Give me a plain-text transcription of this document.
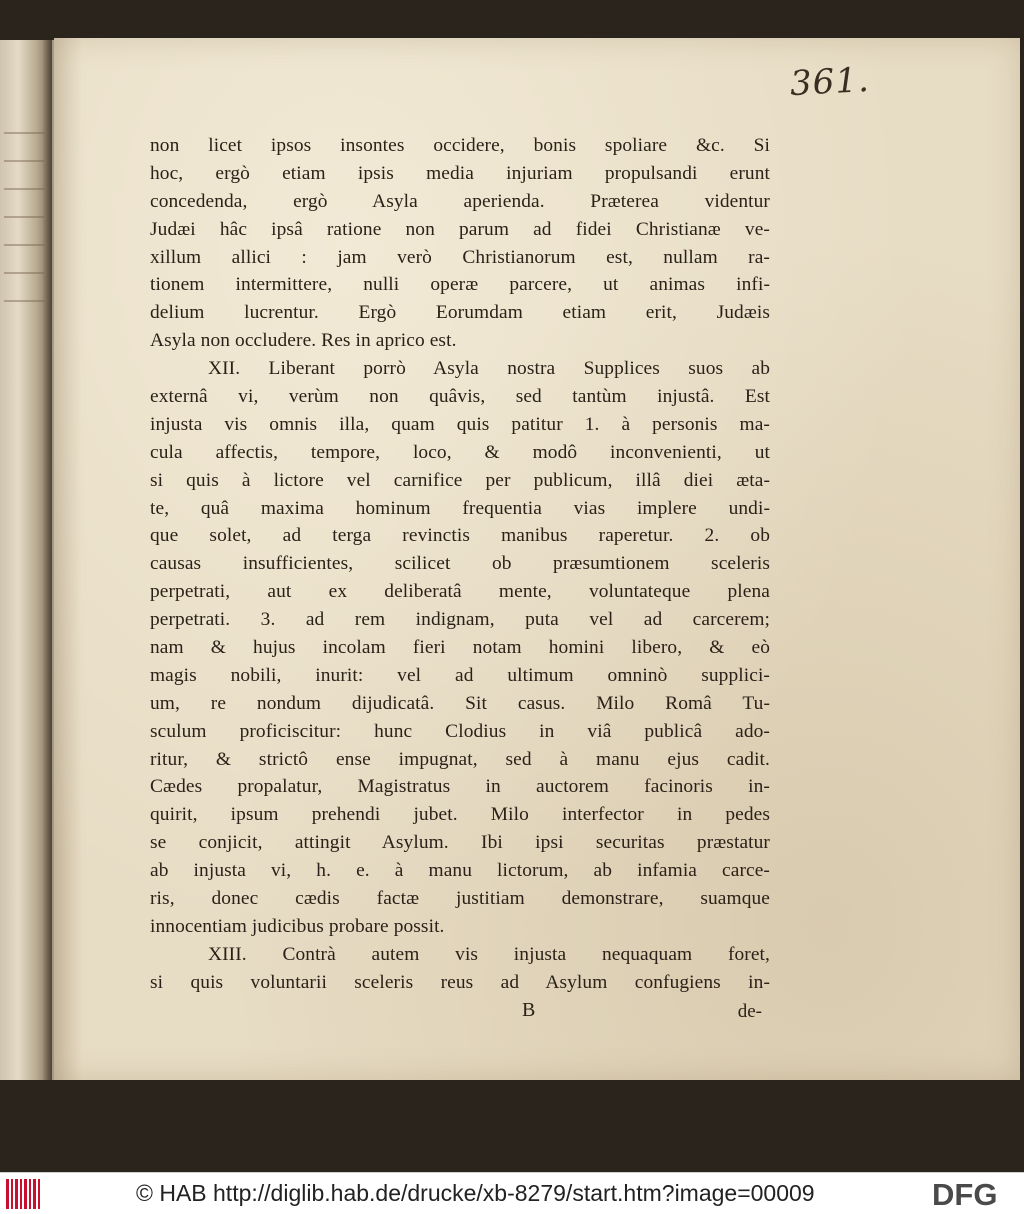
361.
non licet ipsos insontes occidere, bonis spoliare &c. Si
hoc, ergò etiam ipsis media injuriam propulsandi erunt
concedenda, ergò Asyla aperienda. Præterea videntur
Judæi hâc ipsâ ratione non parum ad fidei Christianæ ve-
xillum allici : jam verò Christianorum est, nullam ra-
tionem intermittere, nulli operæ parcere, ut animas infi-
delium lucrentur. Ergò Eorumdam etiam erit, Judæis
Asyla non occludere. Res in aprico est.
XII. Liberant porrò Asyla nostra Supplices suos ab
externâ vi, verùm non quâvis, sed tantùm injustâ. Est
injusta vis omnis illa, quam quis patitur 1. à personis ma-
cula affectis, tempore, loco, & modô inconvenienti, ut
si quis à lictore vel carnifice per publicum, illâ diei æta-
te, quâ maxima hominum frequentia vias implere undi-
que solet, ad terga revinctis manibus raperetur. 2. ob
causas insufficientes, scilicet ob præsumtionem sceleris
perpetrati, aut ex deliberatâ mente, voluntateque plena
perpetrati. 3. ad rem indignam, puta vel ad carcerem;
nam & hujus incolam fieri notam homini libero, & eò
magis nobili, inurit: vel ad ultimum omninò supplici-
um, re nondum dijudicatâ. Sit casus. Milo Româ Tu-
sculum proficiscitur: hunc Clodius in viâ publicâ ado-
ritur, & strictô ense impugnat, sed à manu ejus cadit.
Cædes propalatur, Magistratus in auctorem facinoris in-
quirit, ipsum prehendi jubet. Milo interfector in pedes
se conjicit, attingit Asylum. Ibi ipsi securitas præstatur
ab injusta vi, h. e. à manu lictorum, ab infamia carce-
ris, donec cædis factæ justitiam demonstrare, suamque
innocentiam judicibus probare possit.
XIII. Contrà autem vis injusta nequaquam foret,
si quis voluntarii sceleris reus ad Asylum confugiens in-
B	de-
© HAB http://diglib.hab.de/drucke/xb-8279/start.htm?image=00009	DFG
